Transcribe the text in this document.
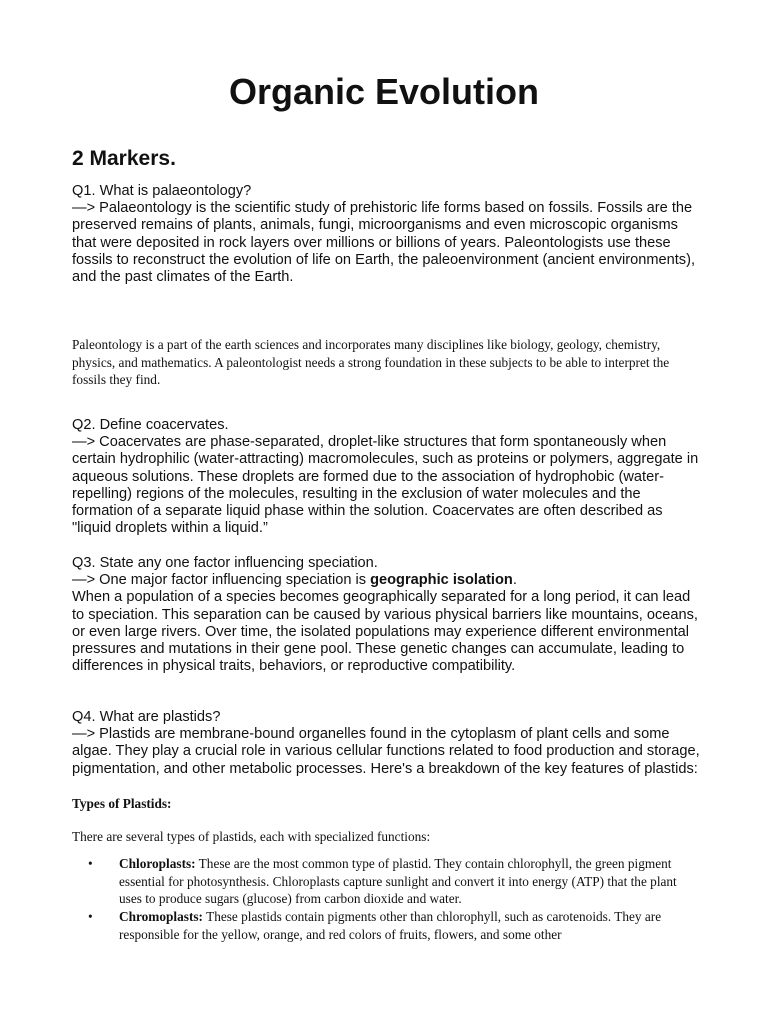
Organic Evolution
2 Markers.

Q1. What is palaeontology?

—> Palaeontology is the scientific study of prehistoric life forms based on fossils. Fossils are the preserved remains of plants, animals, fungi, microorganisms and even microscopic organisms that were deposited in rock layers over millions or billions of years. Paleontologists use these fossils to reconstruct the evolution of life on Earth, the paleoenvironment (ancient environments), and the past climates of the Earth.

Paleontology is a part of the earth sciences and incorporates many disciplines like biology, geology, chemistry, physics, and mathematics. A paleontologist needs a strong foundation in these subjects to be able to interpret the fossils they find.

Q2. Define coacervates.

—> Coacervates are phase-separated, droplet-like structures that form spontaneously when certain hydrophilic (water-attracting) macromolecules, such as proteins or polymers, aggregate in aqueous solutions. These droplets are formed due to the association of hydrophobic (water-repelling) regions of the molecules, resulting in the exclusion of water molecules and the formation of a separate liquid phase within the solution. Coacervates are often described as "liquid droplets within a liquid.”

Q3. State any one factor influencing speciation.

—> One major factor influencing speciation is geographic isolation.

When a population of a species becomes geographically separated for a long period, it can lead to speciation. This separation can be caused by various physical barriers like mountains, oceans, or even large rivers. Over time, the isolated populations may experience different environmental pressures and mutations in their gene pool. These genetic changes can accumulate, leading to differences in physical traits, behaviors, or reproductive compatibility.

Q4. What are plastids?

—> Plastids are membrane-bound organelles found in the cytoplasm of plant cells and some algae. They play a crucial role in various cellular functions related to food production and storage, pigmentation, and other metabolic processes. Here's a breakdown of the key features of plastids:

Types of Plastids:

There are several types of plastids, each with specialized functions:

• Chloroplasts: These are the most common type of plastid. They contain chlorophyll, the green pigment essential for photosynthesis. Chloroplasts capture sunlight and convert it into energy (ATP) that the plant uses to produce sugars (glucose) from carbon dioxide and water.
• Chromoplasts: These plastids contain pigments other than chlorophyll, such as carotenoids. They are responsible for the yellow, orange, and red colors of fruits, flowers, and some other
